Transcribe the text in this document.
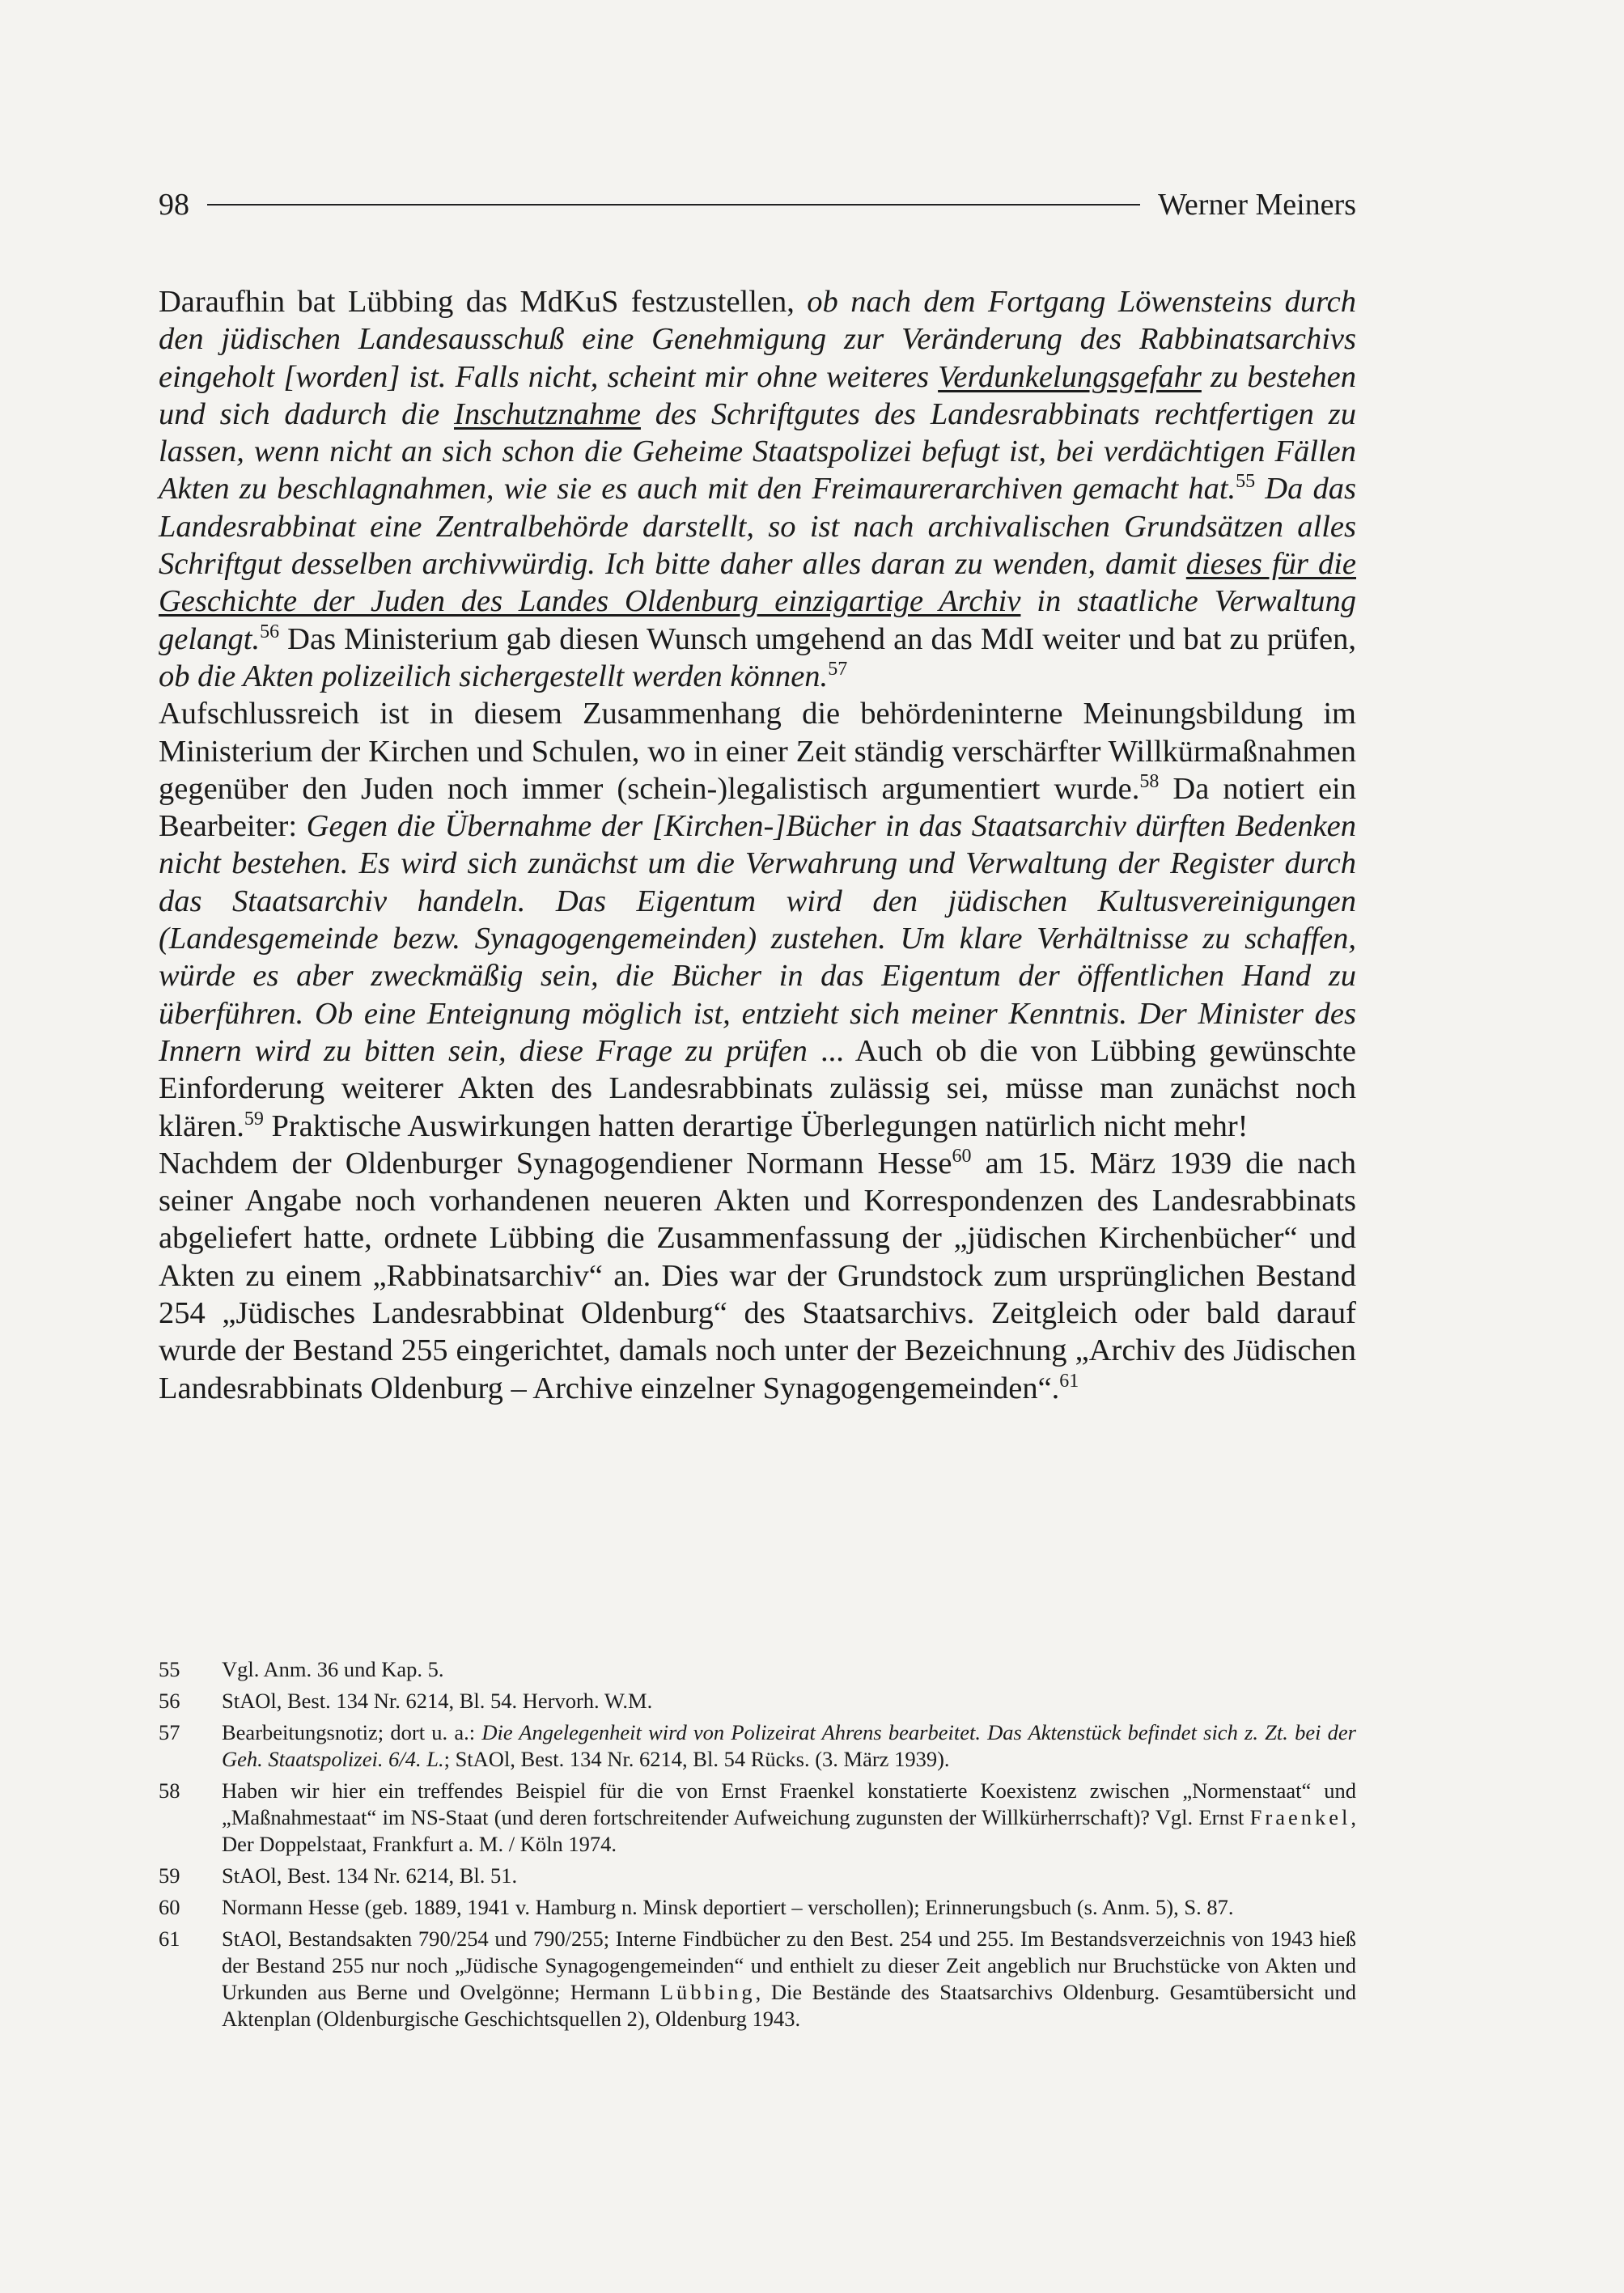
98	Werner Meiners

Daraufhin bat Lübbing das MdKuS festzustellen, ob nach dem Fortgang Löwensteins durch den jüdischen Landesausschuß eine Genehmigung zur Veränderung des Rabbinatsarchivs eingeholt [worden] ist. Falls nicht, scheint mir ohne weiteres Verdunkelungsgefahr zu bestehen und sich dadurch die Inschutznahme des Schriftgutes des Landesrabbinats rechtfertigen zu lassen, wenn nicht an sich schon die Geheime Staatspolizei befugt ist, bei verdächtigen Fällen Akten zu beschlagnahmen, wie sie es auch mit den Freimaurerarchiven gemacht hat.$^{55}$ Da das Landesrabbinat eine Zentralbehörde darstellt, so ist nach archivalischen Grundsätzen alles Schriftgut desselben archivwürdig. Ich bitte daher alles daran zu wenden, damit dieses für die Geschichte der Juden des Landes Oldenburg einzigartige Archiv in staatliche Verwaltung gelangt.$^{56}$ Das Ministerium gab diesen Wunsch umgehend an das MdI weiter und bat zu prüfen, ob die Akten polizeilich sichergestellt werden können.$^{57}$

Aufschlussreich ist in diesem Zusammenhang die behördeninterne Meinungsbildung im Ministerium der Kirchen und Schulen, wo in einer Zeit ständig verschärfter Willkürmaßnahmen gegenüber den Juden noch immer (schein-)legalistisch argumentiert wurde.$^{58}$ Da notiert ein Bearbeiter: Gegen die Übernahme der [Kirchen-]Bücher in das Staatsarchiv dürften Bedenken nicht bestehen. Es wird sich zunächst um die Verwahrung und Verwaltung der Register durch das Staatsarchiv handeln. Das Eigentum wird den jüdischen Kultusvereinigungen (Landesgemeinde bezw. Synagogengemeinden) zustehen. Um klare Verhältnisse zu schaffen, würde es aber zweckmäßig sein, die Bücher in das Eigentum der öffentlichen Hand zu überführen. Ob eine Enteignung möglich ist, entzieht sich meiner Kenntnis. Der Minister des Innern wird zu bitten sein, diese Frage zu prüfen ... Auch ob die von Lübbing gewünschte Einforderung weiterer Akten des Landesrabbinats zulässig sei, müsse man zunächst noch klären.$^{59}$ Praktische Auswirkungen hatten derartige Überlegungen natürlich nicht mehr!

Nachdem der Oldenburger Synagogendiener Normann Hesse$^{60}$ am 15. März 1939 die nach seiner Angabe noch vorhandenen neueren Akten und Korrespondenzen des Landesrabbinats abgeliefert hatte, ordnete Lübbing die Zusammenfassung der „jüdischen Kirchenbücher“ und Akten zu einem „Rabbinatsarchiv“ an. Dies war der Grundstock zum ursprünglichen Bestand 254 „Jüdisches Landesrabbinat Oldenburg“ des Staatsarchivs. Zeitgleich oder bald darauf wurde der Bestand 255 eingerichtet, damals noch unter der Bezeichnung „Archiv des Jüdischen Landesrabbinats Oldenburg – Archive einzelner Synagogengemeinden“.$^{61}$

55	Vgl. Anm. 36 und Kap. 5.
56	StAOl, Best. 134 Nr. 6214, Bl. 54. Hervorh. W.M.
57	Bearbeitungsnotiz; dort u. a.: Die Angelegenheit wird von Polizeirat Ahrens bearbeitet. Das Aktenstück befindet sich z. Zt. bei der Geh. Staatspolizei. 6/4. L.; StAOl, Best. 134 Nr. 6214, Bl. 54 Rücks. (3. März 1939).
58	Haben wir hier ein treffendes Beispiel für die von Ernst Fraenkel konstatierte Koexistenz zwischen „Normenstaat“ und „Maßnahmestaat“ im NS-Staat (und deren fortschreitender Aufweichung zugunsten der Willkürherrschaft)? Vgl. Ernst Fraenkel, Der Doppelstaat, Frankfurt a. M. / Köln 1974.
59	StAOl, Best. 134 Nr. 6214, Bl. 51.
60	Normann Hesse (geb. 1889, 1941 v. Hamburg n. Minsk deportiert – verschollen); Erinnerungsbuch (s. Anm. 5), S. 87.
61	StAOl, Bestandsakten 790/254 und 790/255; Interne Findbücher zu den Best. 254 und 255. Im Bestandsverzeichnis von 1943 hieß der Bestand 255 nur noch „Jüdische Synagogengemeinden“ und enthielt zu dieser Zeit angeblich nur Bruchstücke von Akten und Urkunden aus Berne und Ovelgönne; Hermann Lübbing, Die Bestände des Staatsarchivs Oldenburg. Gesamtübersicht und Aktenplan (Oldenburgische Geschichtsquellen 2), Oldenburg 1943.
